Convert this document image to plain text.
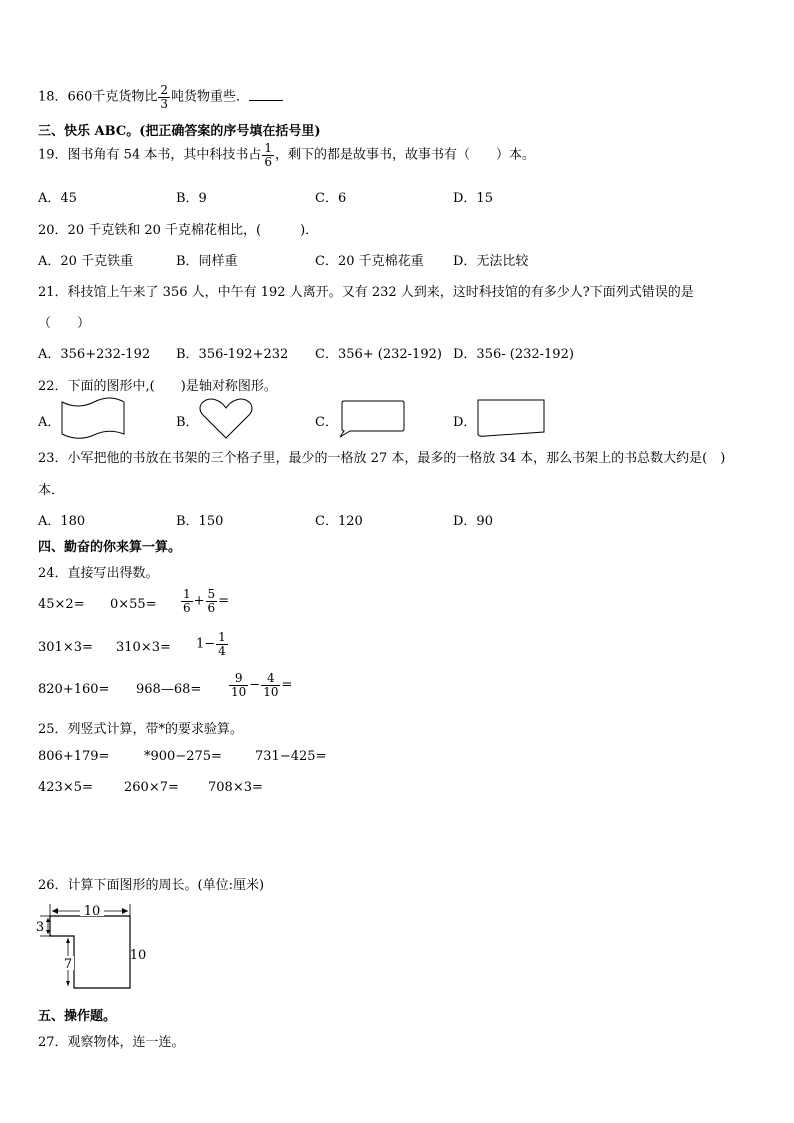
18．660千克货物比 $\frac{2}{3}$ 吨货物重些．
三、快乐 ABC。(把正确答案的序号填在括号里)
19．图书角有 54 本书，其中科技书占 $\frac{1}{6}$ ，剩下的都是故事书，故事书有（　　）本。
A．45	B．9	C．6	D．15
20．20 千克铁和 20 千克棉花相比，(　　　)．
A．20 千克铁重	B．同样重	C．20 千克棉花重 D．无法比较
21．科技馆上午来了 356 人，中午有 192 人离开。又有 232 人到来，这时科技馆的有多少人?下面列式错误的是
（　　）
A．356+232-192 B．356-192+232 C．356+ (232-192) D．356- (232-192)
22．下面的图形中,(　　)是轴对称图形。
A．	B．	C．	D．
23．小军把他的书放在书架的三个格子里，最少的一格放 27 本，最多的一格放 34 本，那么书架上的书总数大约是(　)
本．
A．180	B．150	C．120	D．90
四、勤奋的你来算一算。
24．直接写出得数。
$45\times 2= 0\times 55= \frac{1}{6} + \frac{5}{6}$ =
$301\times 3= 310\times 3= 1- \frac{1}{4}$
820+160= 968—68= $\frac{9}{10} - \frac{4}{10}$ =
25．列竖式计算，带*的要求验算。
806+179=	*900−275=	731−425=
423×5= 260×7= 708×3=
26．计算下面图形的周长。(单位:厘米)
10
3
7
10
五、操作题。
27．观察物体，连一连。
